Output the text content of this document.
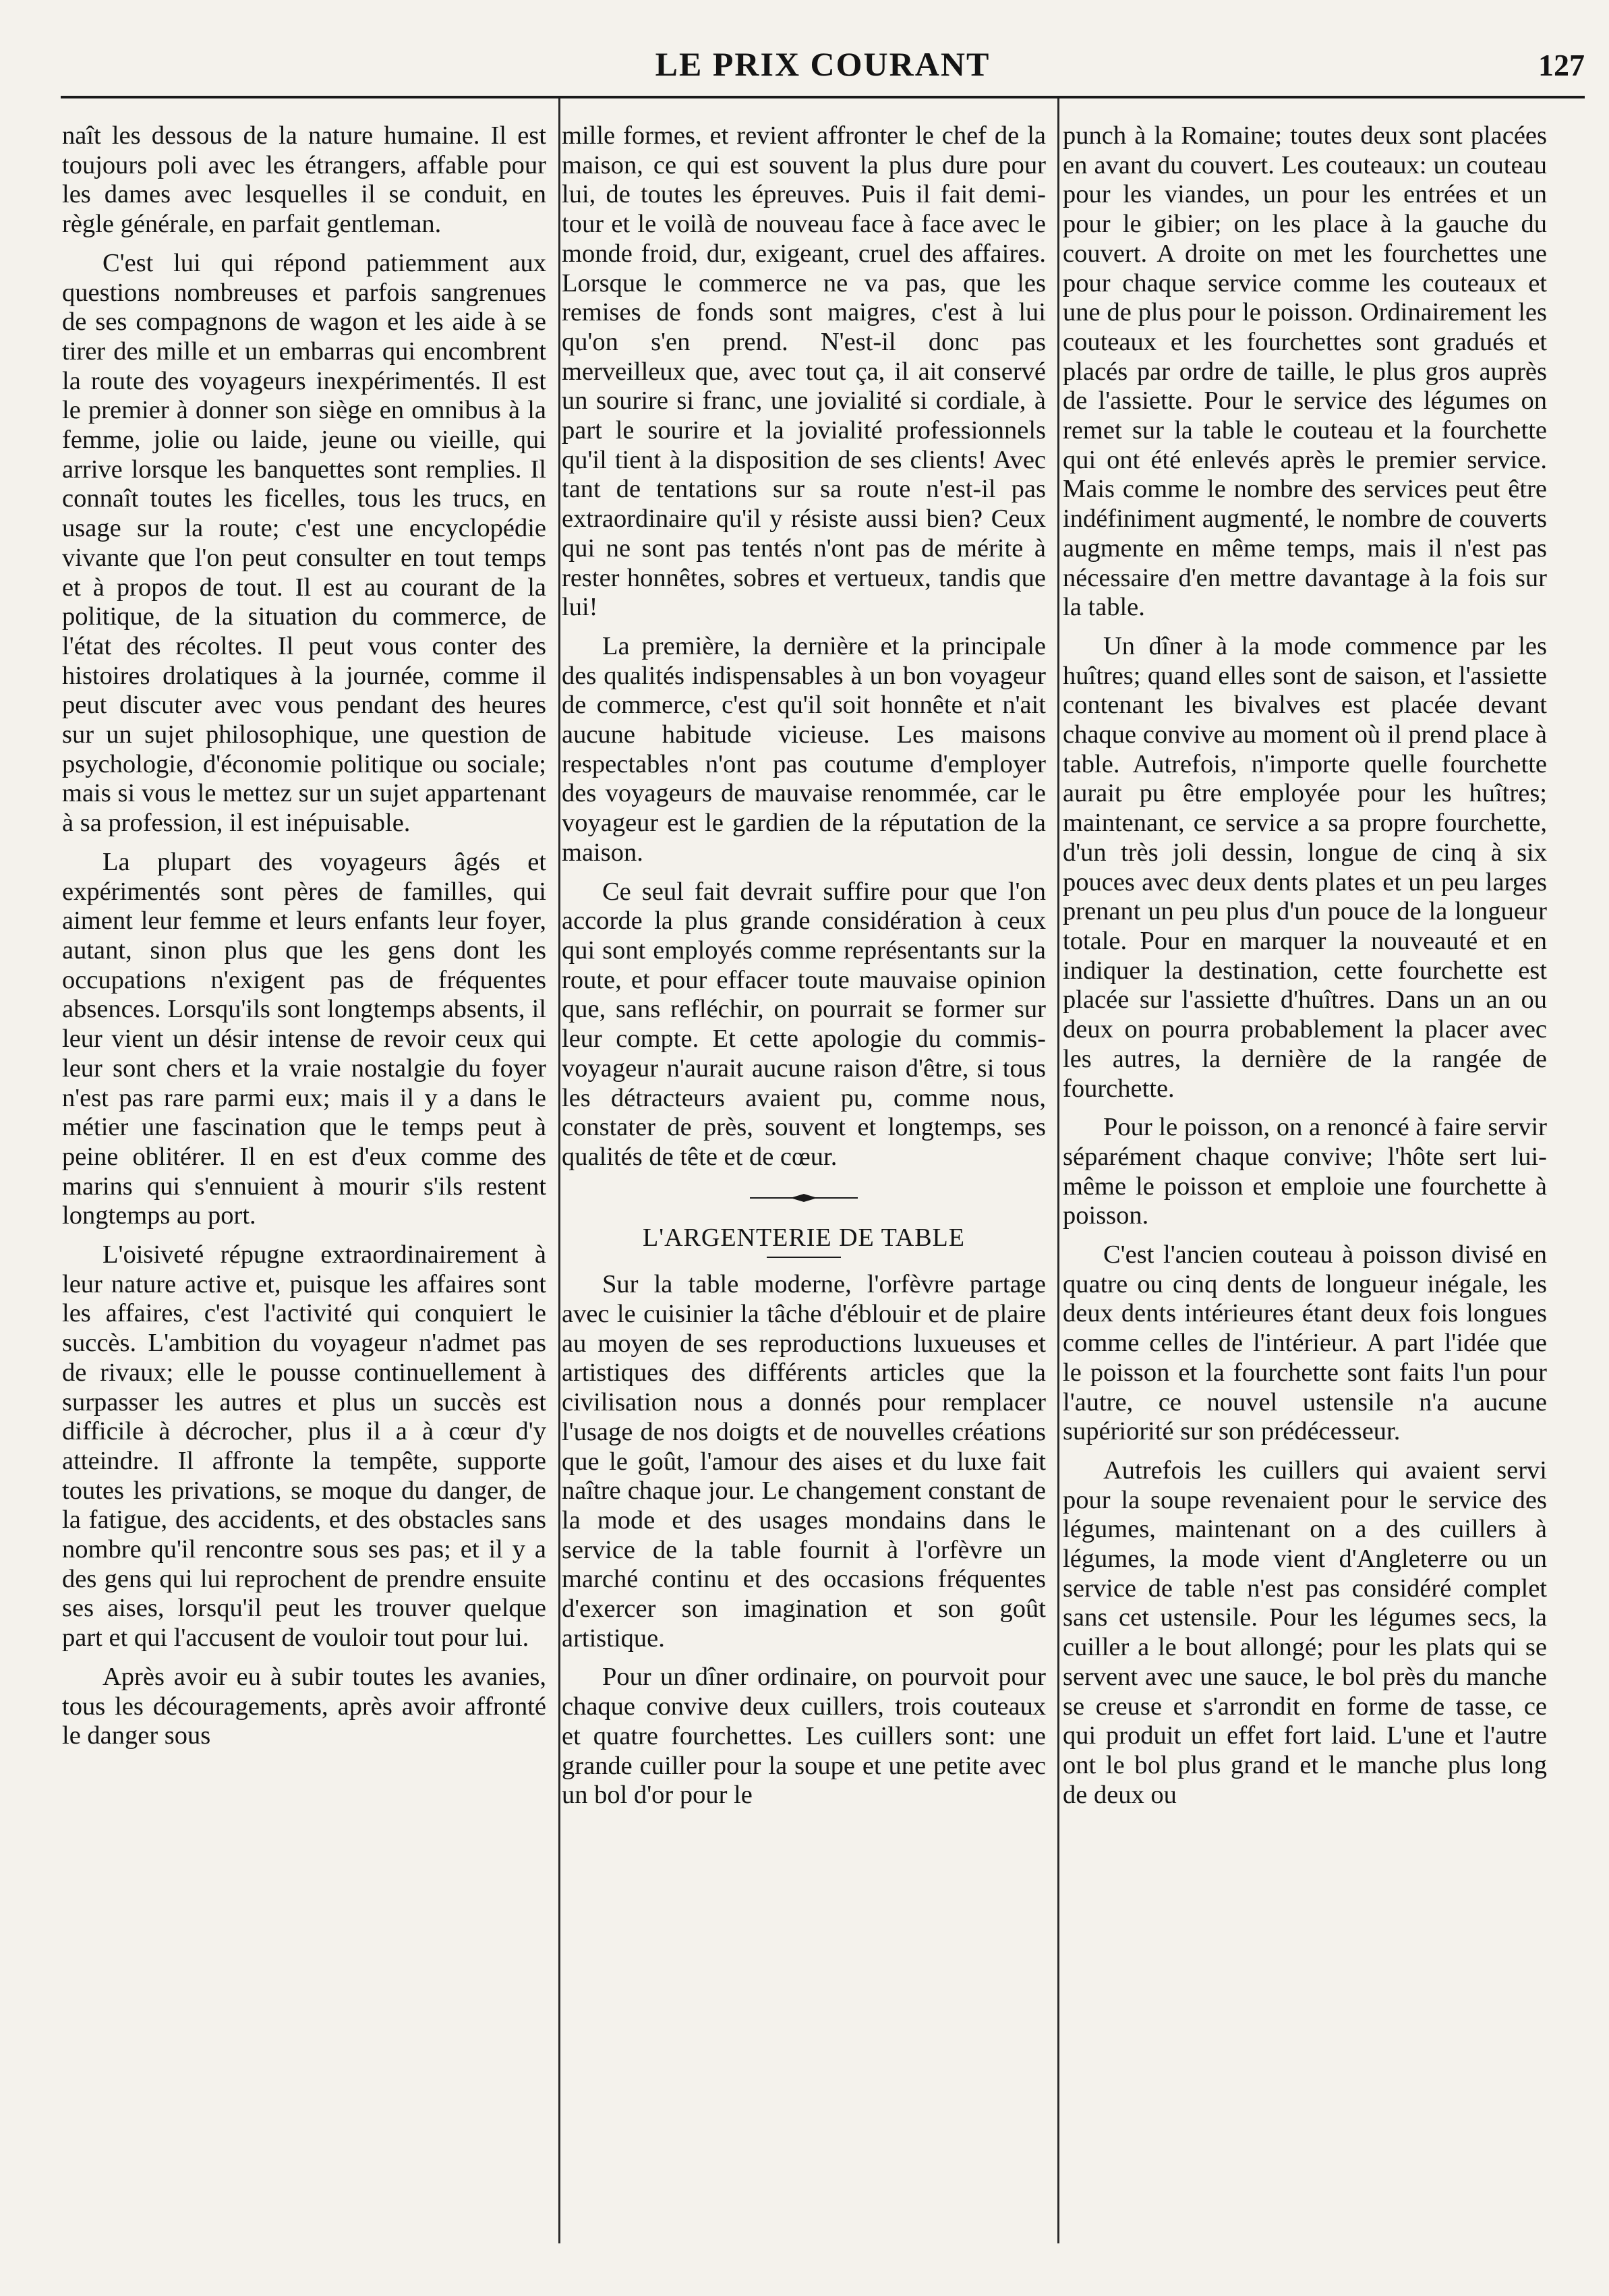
LE PRIX COURANT	127

naît les dessous de la nature humaine. Il est toujours poli avec les étrangers, affable pour les dames avec lesquelles il se conduit, en règle générale, en parfait gentleman.

C'est lui qui répond patiemment aux questions nombreuses et parfois sangrenues de ses compagnons de wagon et les aide à se tirer des mille et un embarras qui encombrent la route des voyageurs inexpérimentés. Il est le premier à donner son siège en omnibus à la femme, jolie ou laide, jeune ou vieille, qui arrive lorsque les banquettes sont remplies. Il connaît toutes les ficelles, tous les trucs, en usage sur la route; c'est une encyclopédie vivante que l'on peut consulter en tout temps et à propos de tout. Il est au courant de la politique, de la situation du commerce, de l'état des récoltes. Il peut vous conter des histoires drolatiques à la journée, comme il peut discuter avec vous pendant des heures sur un sujet philosophique, une question de psychologie, d'économie politique ou sociale; mais si vous le mettez sur un sujet appartenant à sa profession, il est inépuisable.

La plupart des voyageurs âgés et expérimentés sont pères de familles, qui aiment leur femme et leurs enfants leur foyer, autant, sinon plus que les gens dont les occupations n'exigent pas de fréquentes absences. Lorsqu'ils sont longtemps absents, il leur vient un désir intense de revoir ceux qui leur sont chers et la vraie nostalgie du foyer n'est pas rare parmi eux; mais il y a dans le métier une fascination que le temps peut à peine oblitérer. Il en est d'eux comme des marins qui s'ennuient à mourir s'ils restent longtemps au port.

L'oisiveté répugne extraordinairement à leur nature active et, puisque les affaires sont les affaires, c'est l'activité qui conquiert le succès. L'ambition du voyageur n'admet pas de rivaux; elle le pousse continuellement à surpasser les autres et plus un succès est difficile à décrocher, plus il a à cœur d'y atteindre. Il affronte la tempête, supporte toutes les privations, se moque du danger, de la fatigue, des accidents, et des obstacles sans nombre qu'il rencontre sous ses pas; et il y a des gens qui lui reprochent de prendre ensuite ses aises, lorsqu'il peut les trouver quelque part et qui l'accusent de vouloir tout pour lui.

Après avoir eu à subir toutes les avanies, tous les découragements, après avoir affronté le danger sous

mille formes, et revient affronter le chef de la maison, ce qui est souvent la plus dure pour lui, de toutes les épreuves. Puis il fait demi-tour et le voilà de nouveau face à face avec le monde froid, dur, exigeant, cruel des affaires. Lorsque le commerce ne va pas, que les remises de fonds sont maigres, c'est à lui qu'on s'en prend. N'est-il donc pas merveilleux que, avec tout ça, il ait conservé un sourire si franc, une jovialité si cordiale, à part le sourire et la jovialité professionnels qu'il tient à la disposition de ses clients! Avec tant de tentations sur sa route n'est-il pas extraordinaire qu'il y résiste aussi bien? Ceux qui ne sont pas tentés n'ont pas de mérite à rester honnêtes, sobres et vertueux, tandis que lui!

La première, la dernière et la principale des qualités indispensables à un bon voyageur de commerce, c'est qu'il soit honnête et n'ait aucune habitude vicieuse. Les maisons respectables n'ont pas coutume d'employer des voyageurs de mauvaise renommée, car le voyageur est le gardien de la réputation de la maison.

Ce seul fait devrait suffire pour que l'on accorde la plus grande considération à ceux qui sont employés comme représentants sur la route, et pour effacer toute mauvaise opinion que, sans refléchir, on pourrait se former sur leur compte. Et cette apologie du commis-voyageur n'aurait aucune raison d'être, si tous les détracteurs avaient pu, comme nous, constater de près, souvent et longtemps, ses qualités de tête et de cœur.

L'ARGENTERIE DE TABLE

Sur la table moderne, l'orfèvre partage avec le cuisinier la tâche d'éblouir et de plaire au moyen de ses reproductions luxueuses et artistiques des différents articles que la civilisation nous a donnés pour remplacer l'usage de nos doigts et de nouvelles créations que le goût, l'amour des aises et du luxe fait naître chaque jour. Le changement constant de la mode et des usages mondains dans le service de la table fournit à l'orfèvre un marché continu et des occasions fréquentes d'exercer son imagination et son goût artistique.

Pour un dîner ordinaire, on pourvoit pour chaque convive deux cuillers, trois couteaux et quatre fourchettes. Les cuillers sont: une grande cuiller pour la soupe et une petite avec un bol d'or pour le

punch à la Romaine; toutes deux sont placées en avant du couvert. Les couteaux: un couteau pour les viandes, un pour les entrées et un pour le gibier; on les place à la gauche du couvert. A droite on met les fourchettes une pour chaque service comme les couteaux et une de plus pour le poisson. Ordinairement les couteaux et les fourchettes sont gradués et placés par ordre de taille, le plus gros auprès de l'assiette. Pour le service des légumes on remet sur la table le couteau et la fourchette qui ont été enlevés après le premier service. Mais comme le nombre des services peut être indéfiniment augmenté, le nombre de couverts augmente en même temps, mais il n'est pas nécessaire d'en mettre davantage à la fois sur la table.

Un dîner à la mode commence par les huîtres; quand elles sont de saison, et l'assiette contenant les bivalves est placée devant chaque convive au moment où il prend place à table. Autrefois, n'importe quelle fourchette aurait pu être employée pour les huîtres; maintenant, ce service a sa propre fourchette, d'un très joli dessin, longue de cinq à six pouces avec deux dents plates et un peu larges prenant un peu plus d'un pouce de la longueur totale. Pour en marquer la nouveauté et en indiquer la destination, cette fourchette est placée sur l'assiette d'huîtres. Dans un an ou deux on pourra probablement la placer avec les autres, la dernière de la rangée de fourchette.

Pour le poisson, on a renoncé à faire servir séparément chaque convive; l'hôte sert lui-même le poisson et emploie une fourchette à poisson.

C'est l'ancien couteau à poisson divisé en quatre ou cinq dents de longueur inégale, les deux dents intérieures étant deux fois longues comme celles de l'intérieur. A part l'idée que le poisson et la fourchette sont faits l'un pour l'autre, ce nouvel ustensile n'a aucune supériorité sur son prédécesseur.

Autrefois les cuillers qui avaient servi pour la soupe revenaient pour le service des légumes, maintenant on a des cuillers à légumes, la mode vient d'Angleterre ou un service de table n'est pas considéré complet sans cet ustensile. Pour les légumes secs, la cuiller a le bout allongé; pour les plats qui se servent avec une sauce, le bol près du manche se creuse et s'arrondit en forme de tasse, ce qui produit un effet fort laid. L'une et l'autre ont le bol plus grand et le manche plus long de deux ou
